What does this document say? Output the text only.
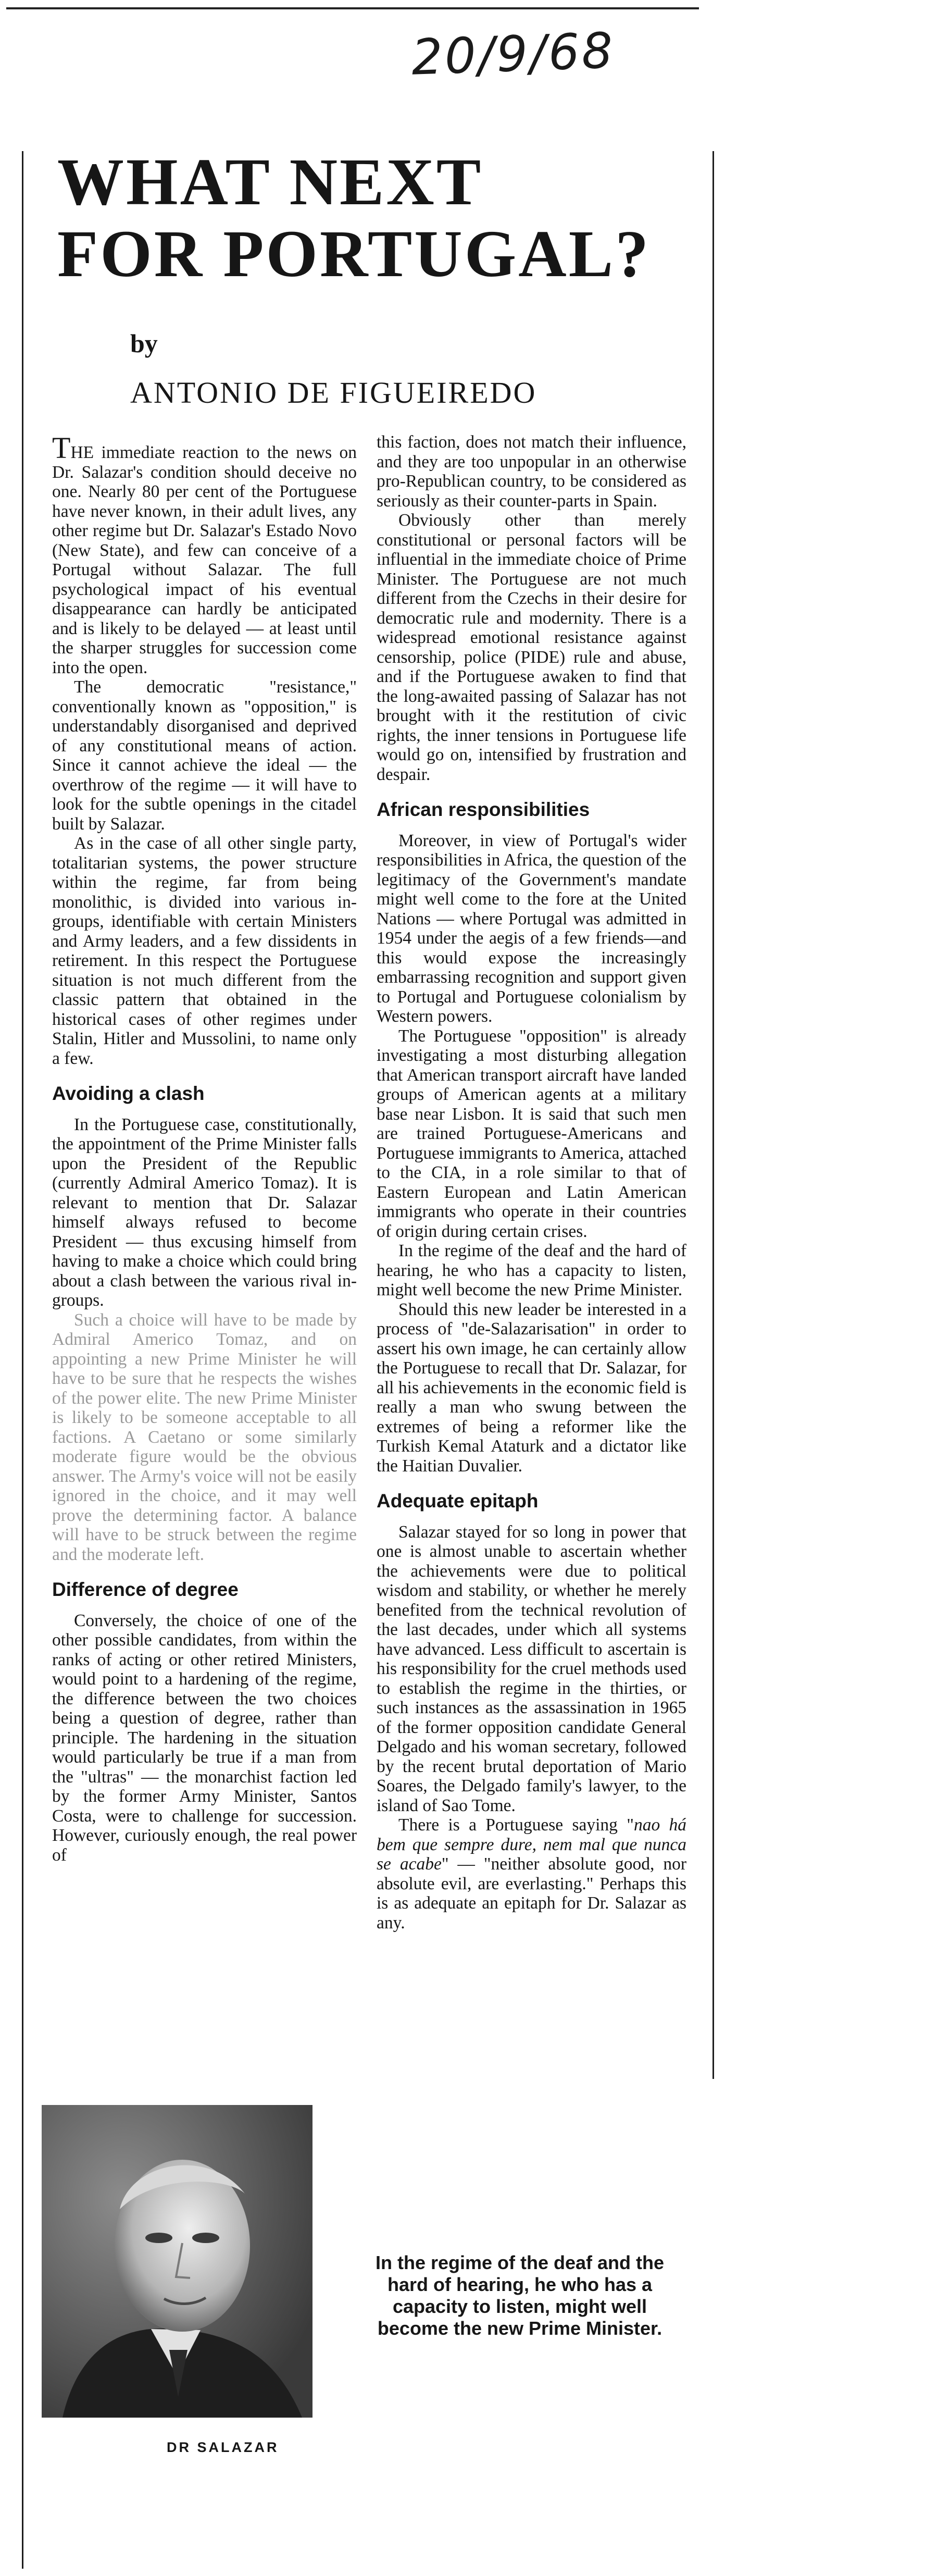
20/9/68
WHAT NEXT
FOR PORTUGAL?
by
ANTONIO DE FIGUEIREDO

THE immediate reaction to the news on Dr. Salazar's condition should deceive no one. Nearly 80 per cent of the Portuguese have never known, in their adult lives, any other regime but Dr. Salazar's Estado Novo (New State), and few can conceive of a Portugal without Salazar. The full psychological impact of his eventual disappearance can hardly be anticipated and is likely to be delayed — at least until the sharper struggles for succession come into the open.

The democratic "resistance," conventionally known as "opposition," is understandably disorganised and deprived of any constitutional means of action. Since it cannot achieve the ideal — the overthrow of the regime — it will have to look for the subtle openings in the citadel built by Salazar.

As in the case of all other single party, totalitarian systems, the power structure within the regime, far from being monolithic, is divided into various in-groups, identifiable with certain Ministers and Army leaders, and a few dissidents in retirement. In this respect the Portuguese situation is not much different from the classic pattern that obtained in the historical cases of other regimes under Stalin, Hitler and Mussolini, to name only a few.

Avoiding a clash

In the Portuguese case, constitutionally, the appointment of the Prime Minister falls upon the President of the Republic (currently Admiral Americo Tomaz). It is relevant to mention that Dr. Salazar himself always refused to become President — thus excusing himself from having to make a choice which could bring about a clash between the various rival in-groups.

Such a choice will have to be made by Admiral Americo Tomaz, and on appointing a new Prime Minister he will have to be sure that he respects the wishes of the power elite. The new Prime Minister is likely to be someone acceptable to all factions. A Caetano or some similarly moderate figure would be the obvious answer. The Army's voice will not be easily ignored in the choice, and it may well prove the determining factor. A balance will have to be struck between the regime and the moderate left.

Difference of degree

Conversely, the choice of one of the other possible candidates, from within the ranks of acting or other retired Ministers, would point to a hardening of the regime, the difference between the two choices being a question of degree, rather than principle. The hardening in the situation would particularly be true if a man from the "ultras" — the monarchist faction led by the former Army Minister, Santos Costa, were to challenge for succession. However, curiously enough, the real power of

this faction, does not match their influence, and they are too unpopular in an otherwise pro-Republican country, to be considered as seriously as their counter-parts in Spain.

Obviously other than merely constitutional or personal factors will be influential in the immediate choice of Prime Minister. The Portuguese are not much different from the Czechs in their desire for democratic rule and modernity. There is a widespread emotional resistance against censorship, police (PIDE) rule and abuse, and if the Portuguese awaken to find that the long-awaited passing of Salazar has not brought with it the restitution of civic rights, the inner tensions in Portuguese life would go on, intensified by frustration and despair.

African responsibilities

Moreover, in view of Portugal's wider responsibilities in Africa, the question of the legitimacy of the Government's mandate might well come to the fore at the United Nations — where Portugal was admitted in 1954 under the aegis of a few friends—and this would expose the increasingly embarrassing recognition and support given to Portugal and Portuguese colonialism by Western powers.

The Portuguese "opposition" is already investigating a most disturbing allegation that American transport aircraft have landed groups of American agents at a military base near Lisbon. It is said that such men are trained Portuguese-Americans and Portuguese immigrants to America, attached to the CIA, in a role similar to that of Eastern European and Latin American immigrants who operate in their countries of origin during certain crises.

In the regime of the deaf and the hard of hearing, he who has a capacity to listen, might well become the new Prime Minister.

Should this new leader be interested in a process of "de-Salazarisation" in order to assert his own image, he can certainly allow the Portuguese to recall that Dr. Salazar, for all his achievements in the economic field is really a man who swung between the extremes of being a reformer like the Turkish Kemal Ataturk and a dictator like the Haitian Duvalier.

Adequate epitaph

Salazar stayed for so long in power that one is almost unable to ascertain whether the achievements were due to political wisdom and stability, or whether he merely benefited from the technical revolution of the last decades, under which all systems have advanced. Less difficult to ascertain is his responsibility for the cruel methods used to establish the regime in the thirties, or such instances as the assassination in 1965 of the former opposition candidate General Delgado and his woman secretary, followed by the recent brutal deportation of Mario Soares, the Delgado family's lawyer, to the island of Sao Tome.

There is a Portuguese saying "nao há bem que sempre dure, nem mal que nunca se acabe" — "neither absolute good, nor absolute evil, are everlasting." Perhaps this is as adequate an epitaph for Dr. Salazar as any.

DR SALAZAR
In the regime of the deaf and the hard of hearing, he who has a capacity to listen, might well become the new Prime Minister.
